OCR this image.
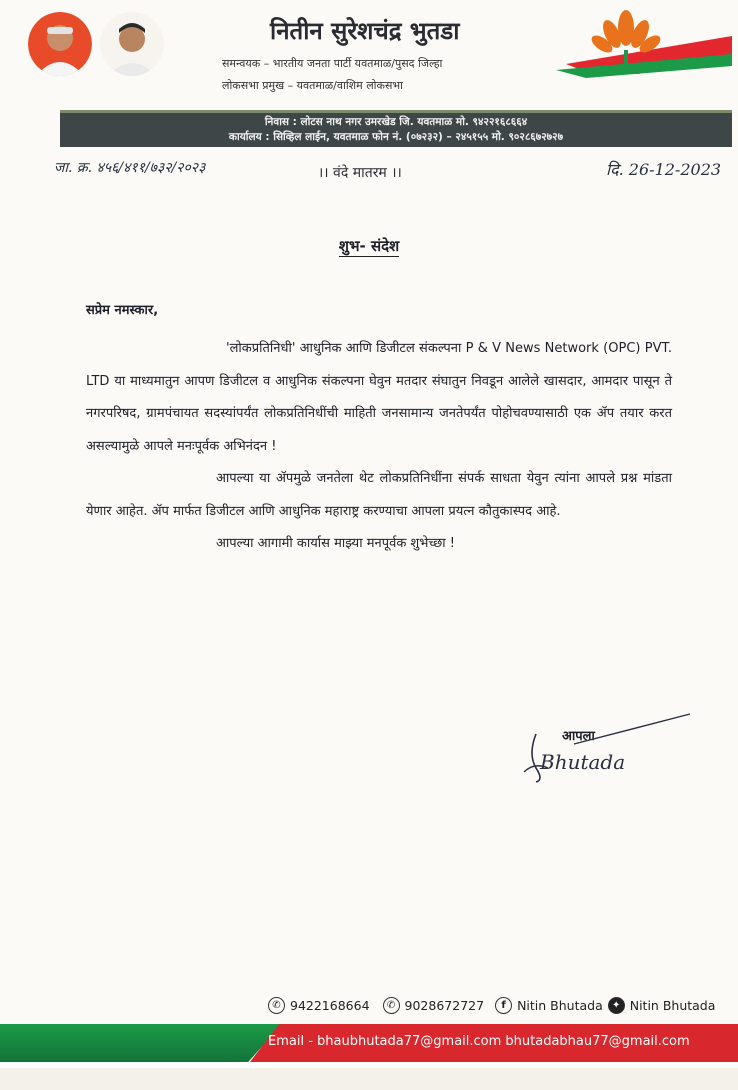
नितीन सुरेशचंद्र भुतडा
समन्वयक – भारतीय जनता पार्टी यवतमाळ/पुसद जिल्हा
लोकसभा प्रमुख – यवतमाळ/वाशिम लोकसभा
निवास : लोटस नाथ नगर उमरखेड जि. यवतमाळ मो. ९४२२१६८६६४
कार्यालय : सिव्हिल लाईन, यवतमाळ फोन नं. (०७२३२) – २४५१५५ मो. ९०२८६७२७२७
जा. क्र. ४५६/४११/७३२/२०२३	।। वंदे मातरम ।।	दि. 26-12-2023
शुभ- संदेश
सप्रेम नमस्कार,

'लोकप्रतिनिधी' आधुनिक आणि डिजीटल संकल्पना P & V News Network (OPC) PVT. LTD या माध्यमातुन आपण डिजीटल व आधुनिक संकल्पना घेवुन मतदार संघातुन निवडून आलेले खासदार, आमदार पासून ते नगरपरिषद, ग्रामपंचायत सदस्यांपर्यंत लोकप्रतिनिधींची माहिती जनसामान्य जनतेपर्यंत पोहोचवण्यासाठी एक ॲप तयार करत असल्यामुळे आपले मनःपूर्वक अभिनंदन !

आपल्या या ॲपमुळे जनतेला थेट लोकप्रतिनिधींना संपर्क साधता येवुन त्यांना आपले प्रश्न मांडता येणार आहेत. ॲप मार्फत डिजीटल आणि आधुनिक महाराष्ट्र करण्याचा आपला प्रयत्न कौतुकास्पद आहे.

आपल्या आगामी कार्यास माझ्या मनपूर्वक शुभेच्छा !

आपला
Bhutada
✆ 9422168664	✆ 9028672727	f Nitin Bhutada ✦ Nitin Bhutada
Email - bhaubhutada77@gmail.com bhutadabhau77@gmail.com
